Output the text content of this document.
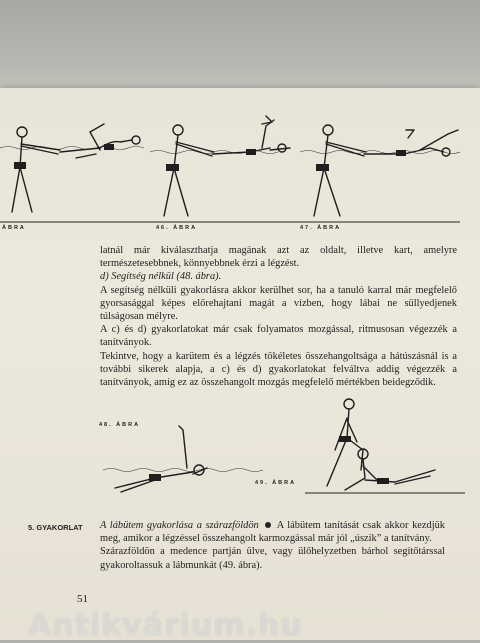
ÁBRA	46. ÁBRA	47. ÁBRA

latnál már kiválaszthatja magának azt az oldalt, illetve kart, amelyre természetesebbnek, könnyebbnek érzi a légzést.

d) Segítség nélkül (48. ábra).

A segítség nélküli gyakorlásra akkor kerülhet sor, ha a tanuló karral már megfelelő gyorsasággal képes előrehajtani magát a vízben, hogy lábai ne süllyedjenek túlságosan mélyre.

A c) és d) gyakorlatokat már csak folyamatos mozgással, ritmusosan végezzék a tanítványok.

Tekintve, hogy a karütem és a légzés tökéletes összehangoltsága a hátúszásnál is a további sikerek alapja, a c) és d) gyakorlatokat felváltva addig végezzék a tanítványok, amíg ez az összehangolt mozgás megfelelő mértékben beidegződik.

48. ÁBRA
49. ÁBRA
5. GYAKORLAT A lábütem gyakorlása a szárazföldön A lábütem tanítását csak akkor kezdjük meg, amikor a légzéssel összehangolt karmozgással már jól „úszik” a tanítvány.

Szárazföldön a medence partján ülve, vagy ülőhelyzetben bárhol segítőtárssal gyakoroltassuk a lábmunkát (49. ábra).

51
Antikvárium.hu
